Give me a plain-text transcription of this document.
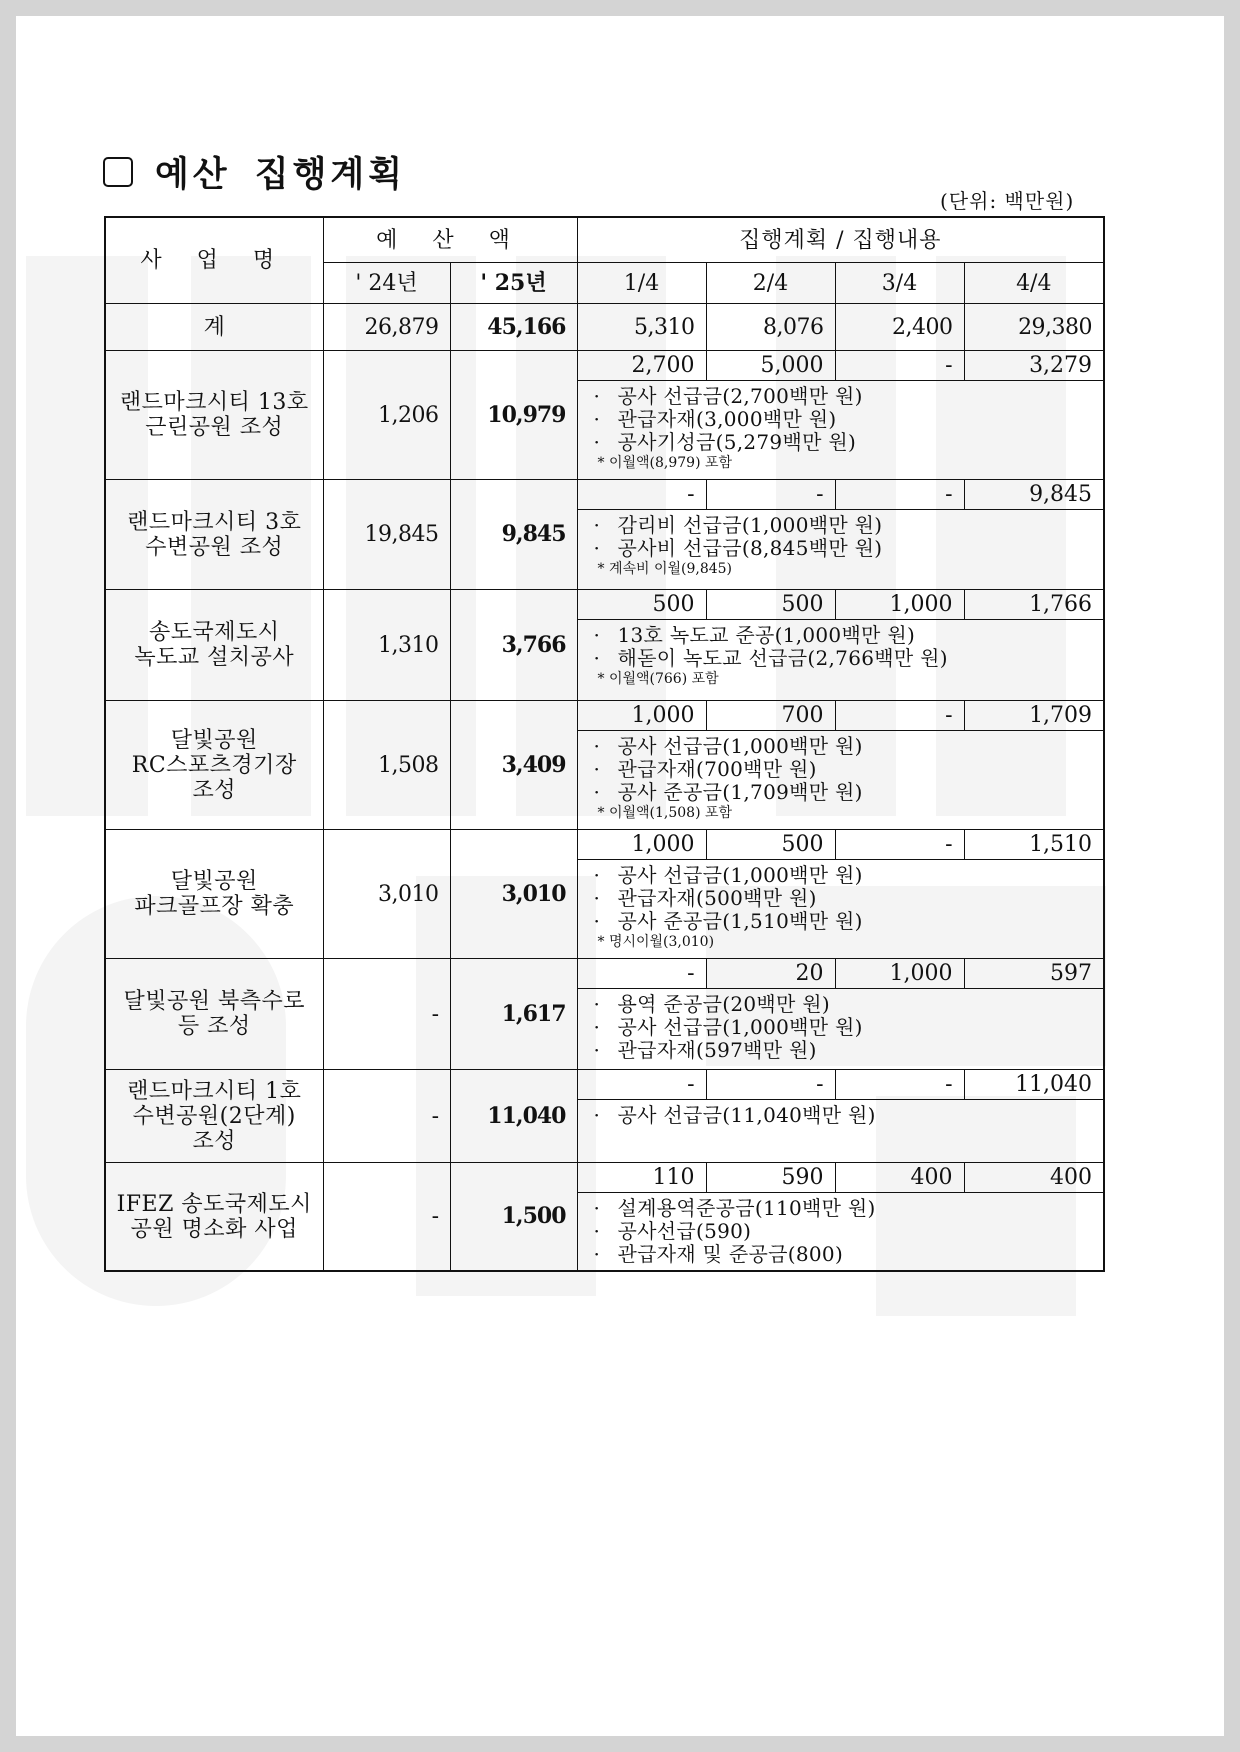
예산 집행계획
(단위: 백만원)
사 업 명	예 산 액		집행계획 / 집행내용			
	' 24년	' 25년	1/4	2/4	3/4	4/4
계	26,879	45,166	5,310	8,076	2,400	29,380

랜드마크시티 13호
근린공원 조성	1,206	10,979	2,700	5,000	-	3,279

			· 공사 선급금(2,700백만 원)
· 관급자재(3,000백만 원)
· 공사기성금(5,279백만 원)
* 이월액(8,979) 포함			

랜드마크시티 3호
수변공원 조성	19,845	9,845	-	-	-	9,845

			· 감리비 선급금(1,000백만 원)
· 공사비 선급금(8,845백만 원)
* 계속비 이월(9,845)			

송도국제도시
녹도교 설치공사	1,310	3,766	500	500	1,000	1,766

			· 13호 녹도교 준공(1,000백만 원)
· 해돋이 녹도교 선급금(2,766백만 원)
* 이월액(766) 포함			

달빛공원
RC스포츠경기장
조성	1,508	3,409	1,000	700	-	1,709

			· 공사 선급금(1,000백만 원)
· 관급자재(700백만 원)
· 공사 준공금(1,709백만 원)
* 이월액(1,508) 포함			

달빛공원
파크골프장 확충	3,010	3,010	1,000	500	-	1,510

			· 공사 선급금(1,000백만 원)
· 관급자재(500백만 원)
· 공사 준공금(1,510백만 원)
* 명시이월(3,010)			

달빛공원 북측수로
등 조성	-	1,617	-	20	1,000	597

			· 용역 준공금(20백만 원)
· 공사 선급금(1,000백만 원)
· 관급자재(597백만 원)			

랜드마크시티 1호
수변공원(2단계)
조성	-	11,040	-	-	-	11,040

			· 공사 선급금(11,040백만 원)			

IFEZ 송도국제도시
공원 명소화 사업	-	1,500	110	590	400	400

			· 설계용역준공금(110백만 원)
· 공사선급(590)
· 관급자재 및 준공금(800)			
